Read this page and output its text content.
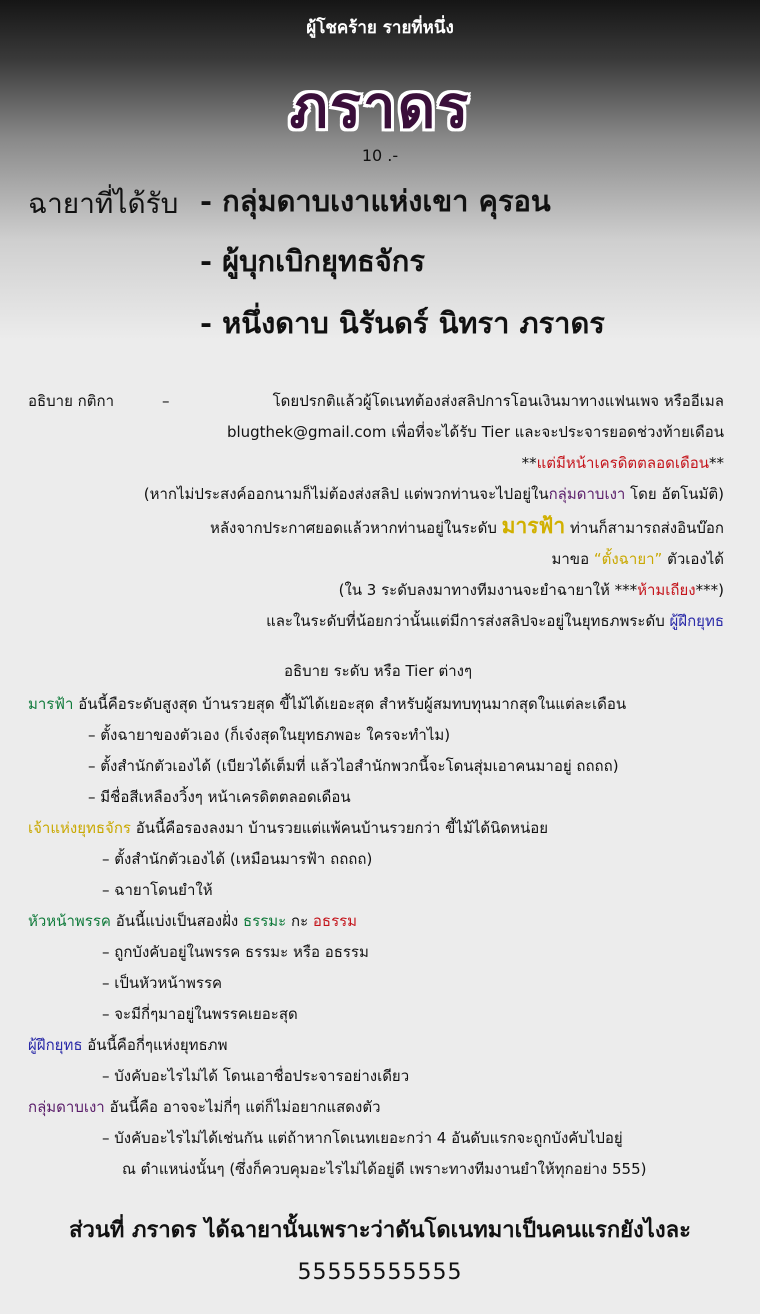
ผู้โชคร้าย รายที่หนึ่ง
ภราดร
10 .-
ฉายาที่ได้รับ - กลุ่มดาบเงาแห่งเขา คุรอน
- ผู้บุกเบิกยุทธจักร
- หนึ่งดาบ นิรันดร์ นิทรา ภราดร

อธิบาย กติกา	–	โดยปรกติแล้วผู้โดเนทต้องส่งสลิปการโอนเงินมาทางแฟนเพจ หรืออีเมล

blugthek@gmail.com เพื่อที่จะได้รับ Tier และจะประจารยอดช่วงท้ายเดือน

**แต่มีหน้าเครดิตตลอดเดือน**

(หากไม่ประสงค์ออกนามก็ไม่ต้องส่งสลิป แต่พวกท่านจะไปอยู่ในกลุ่มดาบเงา โดย อัตโนมัติ)

หลังจากประกาศยอดแล้วหากท่านอยู่ในระดับ มารฟ้า ท่านก็สามารถส่งอินบ๊อก

มาขอ “ตั้งฉายา” ตัวเองได้

(ใน 3 ระดับลงมาทางทีมงานจะยำฉายาให้ ***ห้ามเถียง***)

และในระดับที่น้อยกว่านั้นแต่มีการส่งสลิปจะอยู่ในยุทธภพระดับ ผู้ฝึกยุทธ

อธิบาย ระดับ หรือ Tier ต่างๆ
มารฟ้า อันนี้คือระดับสูงสุด บ้านรวยสุด ขี้ไม้ได้เยอะสุด สำหรับผู้สมทบทุนมากสุดในแต่ละเดือน
– ตั้งฉายาของตัวเอง (ก็เจ๋งสุดในยุทธภพอะ ใครจะทำไม)
– ตั้งสำนักตัวเองได้ (เบียวได้เต็มที่ แล้วไอสำนักพวกนี้จะโดนสุ่มเอาคนมาอยู่ ถถถถ)
– มีชื่อสีเหลืองวิ้งๆ หน้าเครดิตตลอดเดือน
เจ้าแห่งยุทธจักร อันนี้คือรองลงมา บ้านรวยแต่แพ้คนบ้านรวยกว่า ขี้ไม้ได้นิดหน่อย
– ตั้งสำนักตัวเองได้ (เหมือนมารฟ้า ถถถถ)
– ฉายาโดนยำให้
หัวหน้าพรรค อันนี้แบ่งเป็นสองฝั่ง ธรรมะ กะ อธรรม
– ถูกบังคับอยู่ในพรรค ธรรมะ หรือ อธรรม
– เป็นหัวหน้าพรรค
– จะมีกี่ๆมาอยู่ในพรรคเยอะสุด
ผู้ฝึกยุทธ อันนี้คือกี่ๆแห่งยุทธภพ
– บังคับอะไรไม่ได้ โดนเอาชื่อประจารอย่างเดียว
กลุ่มดาบเงา อันนี้คือ อาจจะไม่กี่ๆ แต่ก็ไม่อยากแสดงตัว
– บังคับอะไรไม่ได้เช่นกัน แต่ถ้าหากโดเนทเยอะกว่า 4 อันดับแรกจะถูกบังคับไปอยู่
ณ ตำแหน่งนั้นๆ (ซึ่งก็ควบคุมอะไรไม่ได้อยู่ดี เพราะทางทีมงานยำให้ทุกอย่าง 555)
ส่วนที่ ภราดร ได้ฉายานั้นเพราะว่าดันโดเนทมาเป็นคนแรกยังไงละ
55555555555
